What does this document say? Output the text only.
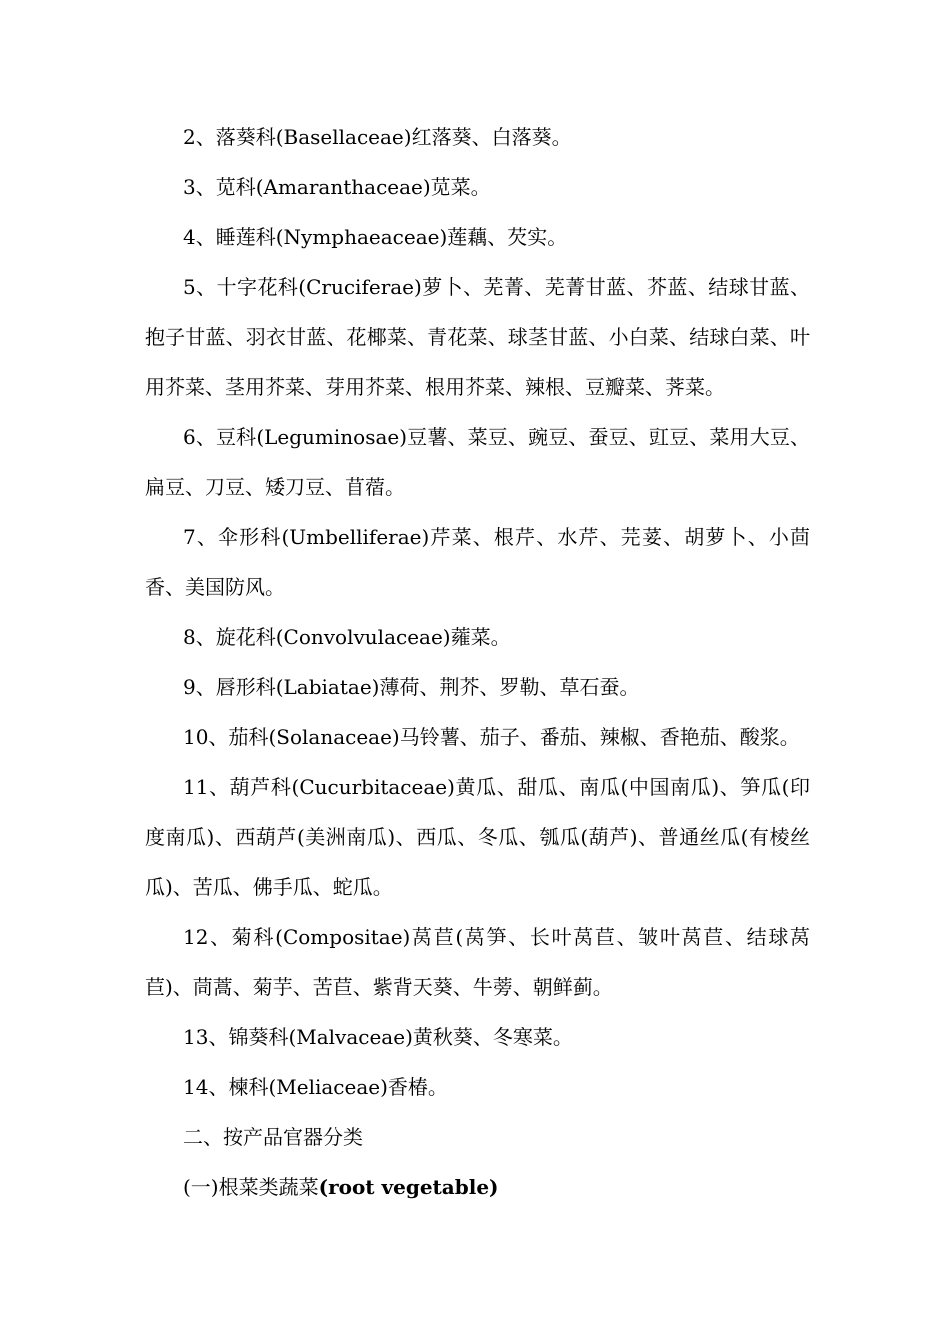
2、落葵科(Basellaceae)红落葵、白落葵。

3、苋科(Amaranthaceae)苋菜。

4、睡莲科(Nymphaeaceae)莲藕、芡实。

5、十字花科(Cruciferae)萝卜、芜菁、芜菁甘蓝、芥蓝、结球甘蓝、抱子甘蓝、羽衣甘蓝、花椰菜、青花菜、球茎甘蓝、小白菜、结球白菜、叶用芥菜、茎用芥菜、芽用芥菜、根用芥菜、辣根、豆瓣菜、荠菜。

6、豆科(Leguminosae)豆薯、菜豆、豌豆、蚕豆、豇豆、菜用大豆、扁豆、刀豆、矮刀豆、苜蓿。

7、伞形科(Umbelliferae)芹菜、根芹、水芹、芫荽、胡萝卜、小茴香、美国防风。

8、旋花科(Convolvulaceae)蕹菜。

9、唇形科(Labiatae)薄荷、荆芥、罗勒、草石蚕。

10、茄科(Solanaceae)马铃薯、茄子、番茄、辣椒、香艳茄、酸浆。

11、葫芦科(Cucurbitaceae)黄瓜、甜瓜、南瓜(中国南瓜)、笋瓜(印度南瓜)、西葫芦(美洲南瓜)、西瓜、冬瓜、瓠瓜(葫芦)、普通丝瓜(有棱丝瓜)、苦瓜、佛手瓜、蛇瓜。

12、菊科(Compositae)莴苣(莴笋、长叶莴苣、皱叶莴苣、结球莴苣)、茼蒿、菊芋、苦苣、紫背天葵、牛蒡、朝鲜蓟。

13、锦葵科(Malvaceae)黄秋葵、冬寒菜。

14、楝科(Meliaceae)香椿。

二、按产品官器分类

(一)根菜类蔬菜(root vegetable)
